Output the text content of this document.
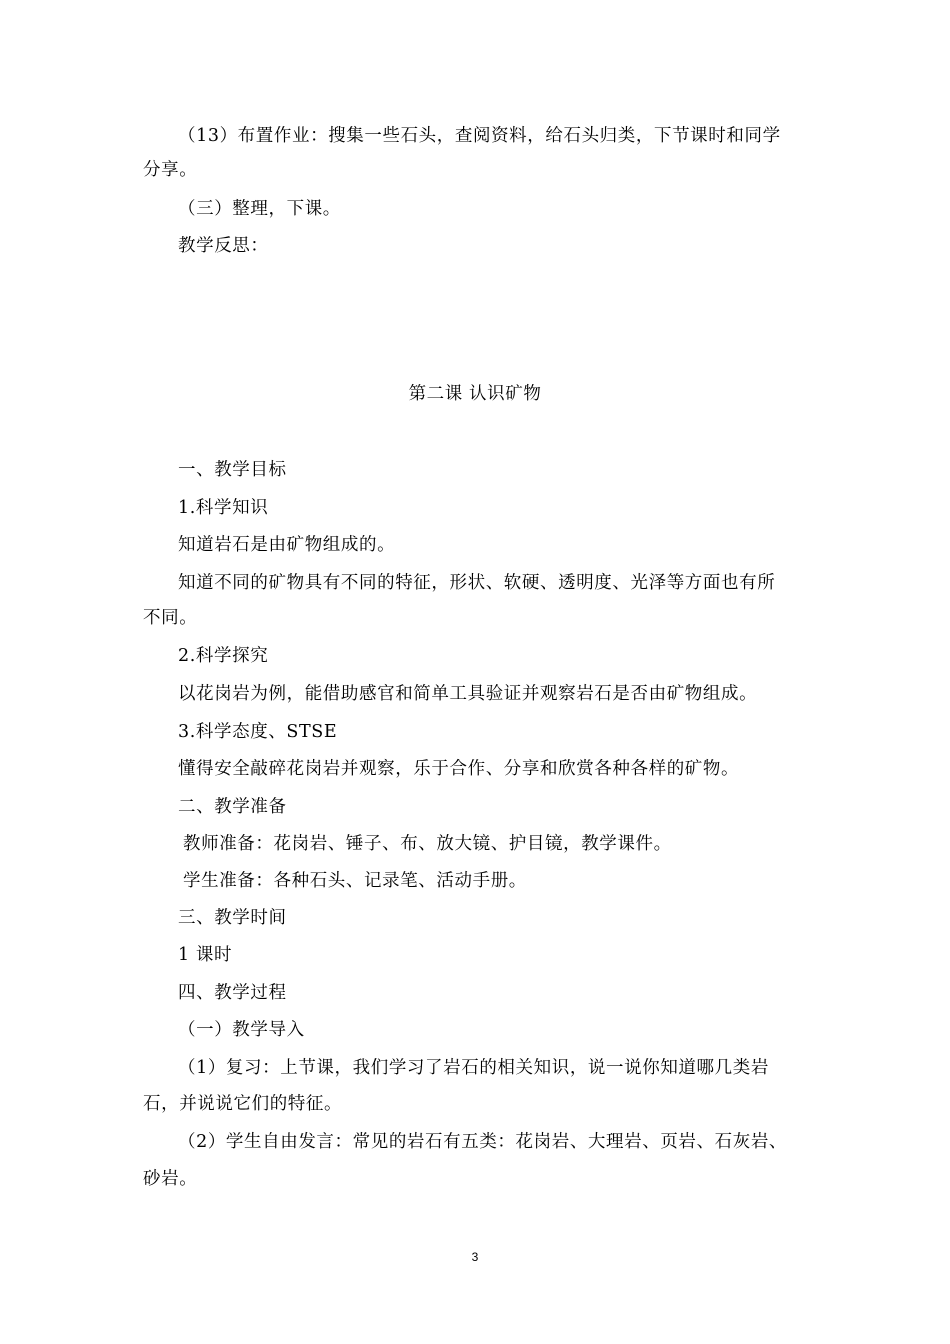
（13）布置作业：搜集一些石头，查阅资料，给石头归类，下节课时和同学
分享。
（三）整理，下课。
教学反思：
第二课 认识矿物
一、教学目标
1.科学知识
知道岩石是由矿物组成的。
知道不同的矿物具有不同的特征，形状、软硬、透明度、光泽等方面也有所
不同。
2.科学探究
以花岗岩为例，能借助感官和简单工具验证并观察岩石是否由矿物组成。
3.科学态度、STSE
懂得安全敲碎花岗岩并观察，乐于合作、分享和欣赏各种各样的矿物。
二、教学准备
教师准备：花岗岩、锤子、布、放大镜、护目镜，教学课件。
学生准备：各种石头、记录笔、活动手册。
三、教学时间
1 课时
四、教学过程
（一）教学导入
（1）复习：上节课，我们学习了岩石的相关知识，说一说你知道哪几类岩
石，并说说它们的特征。
（2）学生自由发言：常见的岩石有五类：花岗岩、大理岩、页岩、石灰岩、
砂岩。
3
